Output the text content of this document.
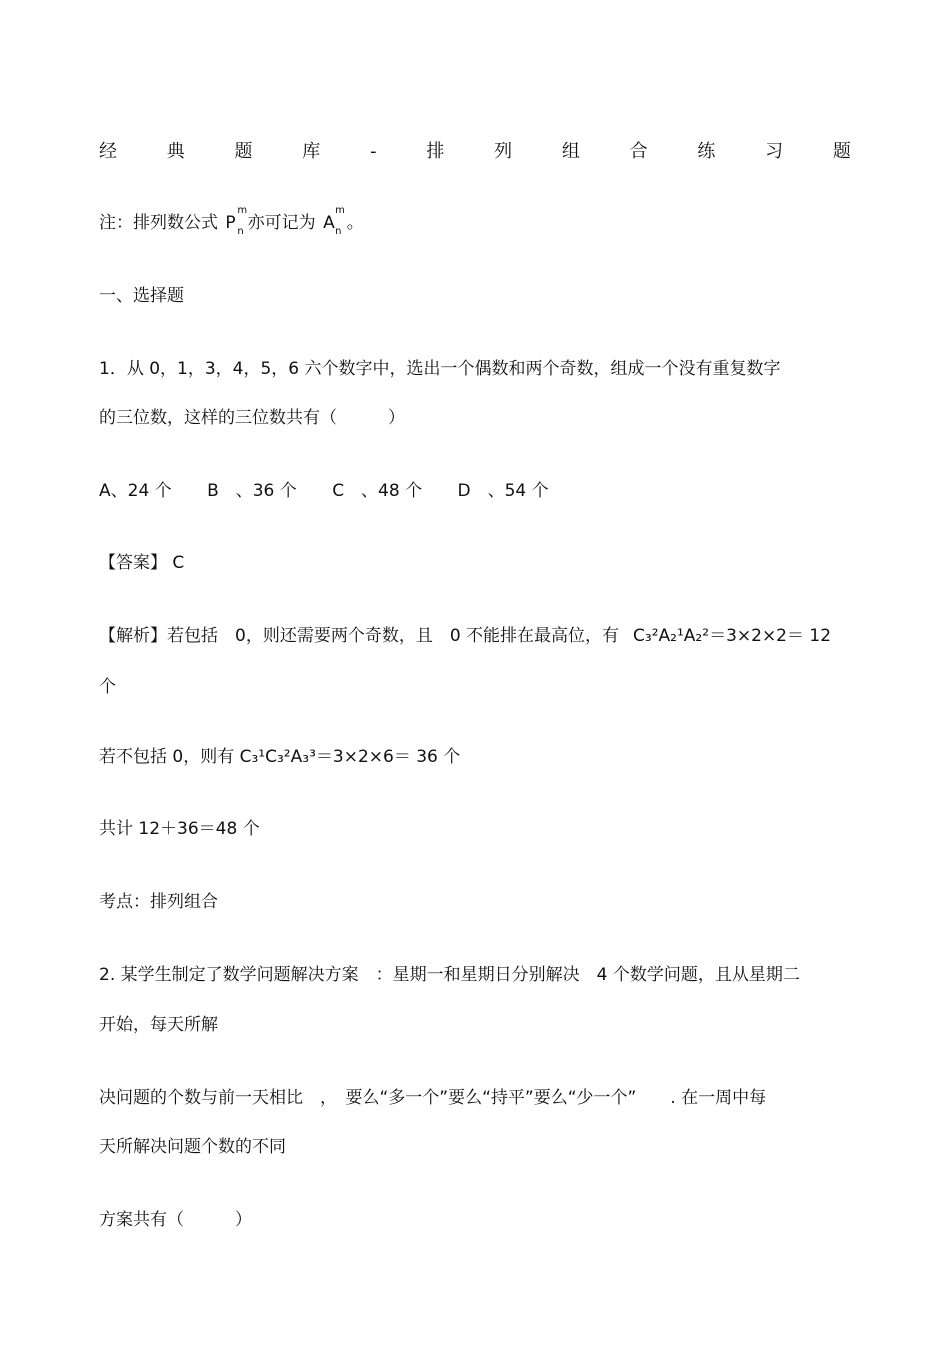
经	典	题	库	-	排	列	组	合	练	习	题
注：排列数公式 P
m
n 亦可记为 A
m
n 。
一、选择题
1．从 0，1，3，4，5，6 六个数字中，选出一个偶数和两个奇数，组成一个没有重复数字
的三位数，这样的三位数共有（　　　）
A、24 个 B　、36 个 C　、48 个 D　、54 个
【答案】 C
【解析】若包括　0，则还需要两个奇数，且　0 不能排在最高位，有 C₃²A₂¹A₂²＝3×2×2＝ 12
个
若不包括 0，则有 C₃¹C₃²A₃³＝3×2×6＝ 36 个
共计 12＋36＝48 个
考点：排列组合
2. 某学生制定了数学问题解决方案　：星期一和星期日分别解决　4 个数学问题，且从星期二
开始，每天所解
决问题的个数与前一天相比　，　要么“多一个”要么“持平”要么“少一个”　　. 在一周中每
天所解决问题个数的不同
方案共有（　　　）
